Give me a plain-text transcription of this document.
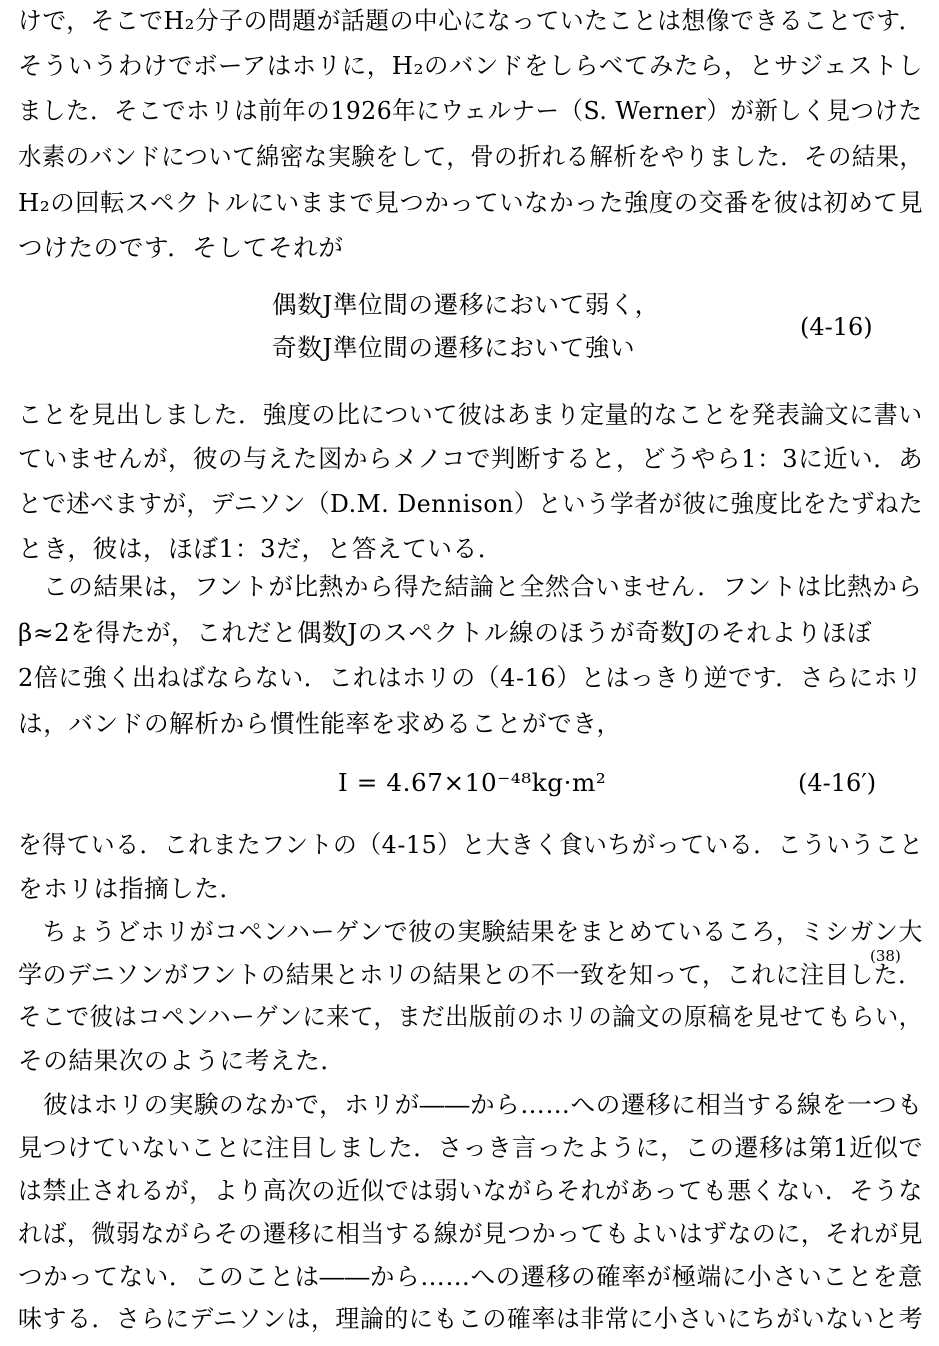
けで，そこでH₂分子の問題が話題の中心になっていたことは想像できることです．
そういうわけでボーアはホリに，H₂のバンドをしらべてみたら，とサジェストし
ました．そこでホリは前年の1926年にウェルナー（S. Werner）が新しく見つけた
水素のバンドについて綿密な実験をして，骨の折れる解析をやりました．その結果，
H₂の回転スペクトルにいままで見つかっていなかった強度の交番を彼は初めて見
つけたのです．そしてそれが
偶数J準位間の遷移において弱く，
奇数J準位間の遷移において強い
(4-16)
ことを見出しました．強度の比について彼はあまり定量的なことを発表論文に書い
ていませんが，彼の与えた図からメノコで判断すると，どうやら1：3に近い．あ
とで述べますが，デニソン（D.M. Dennison）という学者が彼に強度比をたずねた
とき，彼は，ほぼ1：3だ，と答えている．
　この結果は，フントが比熱から得た結論と全然合いません．フントは比熱から
β≈2を得たが，これだと偶数Jのスペクトル線のほうが奇数Jのそれよりほぼ
2倍に強く出ねばならない．これはホリの（4-16）とはっきり逆です．さらにホリ
は，バンドの解析から慣性能率を求めることができ，
I = 4.67×10⁻⁴⁸kg·m²	(4-16′)
を得ている．これまたフントの（4-15）と大きく食いちがっている．こういうこと
をホリは指摘した．
　ちょうどホリがコペンハーゲンで彼の実験結果をまとめているころ，ミシガン大
(38)
学のデニソンがフントの結果とホリの結果との不一致を知って，これに注目した．
そこで彼はコペンハーゲンに来て，まだ出版前のホリの論文の原稿を見せてもらい，
その結果次のように考えた．
　彼はホリの実験のなかで，ホリが――から……への遷移に相当する線を一つも
見つけていないことに注目しました．さっき言ったように，この遷移は第1近似で
は禁止されるが，より高次の近似では弱いながらそれがあっても悪くない．そうな
れば，微弱ながらその遷移に相当する線が見つかってもよいはずなのに，それが見
つかってない．このことは――から……への遷移の確率が極端に小さいことを意
味する．さらにデニソンは，理論的にもこの確率は非常に小さいにちがいないと考
